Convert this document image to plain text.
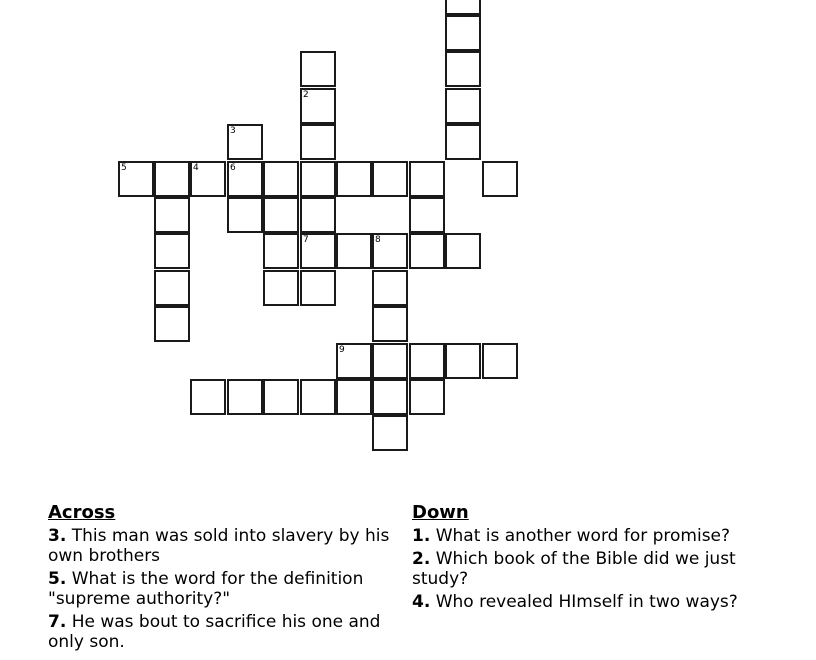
2
7
3
5	4	6
8
9
Across
3. This man was sold into slavery by his own brothers
5. What is the word for the definition "supreme authority?"
7. He was bout to sacrifice his one and only son.
Down
1. What is another word for promise?
2. Which book of the Bible did we just study?
4. Who revealed HImself in two ways?
